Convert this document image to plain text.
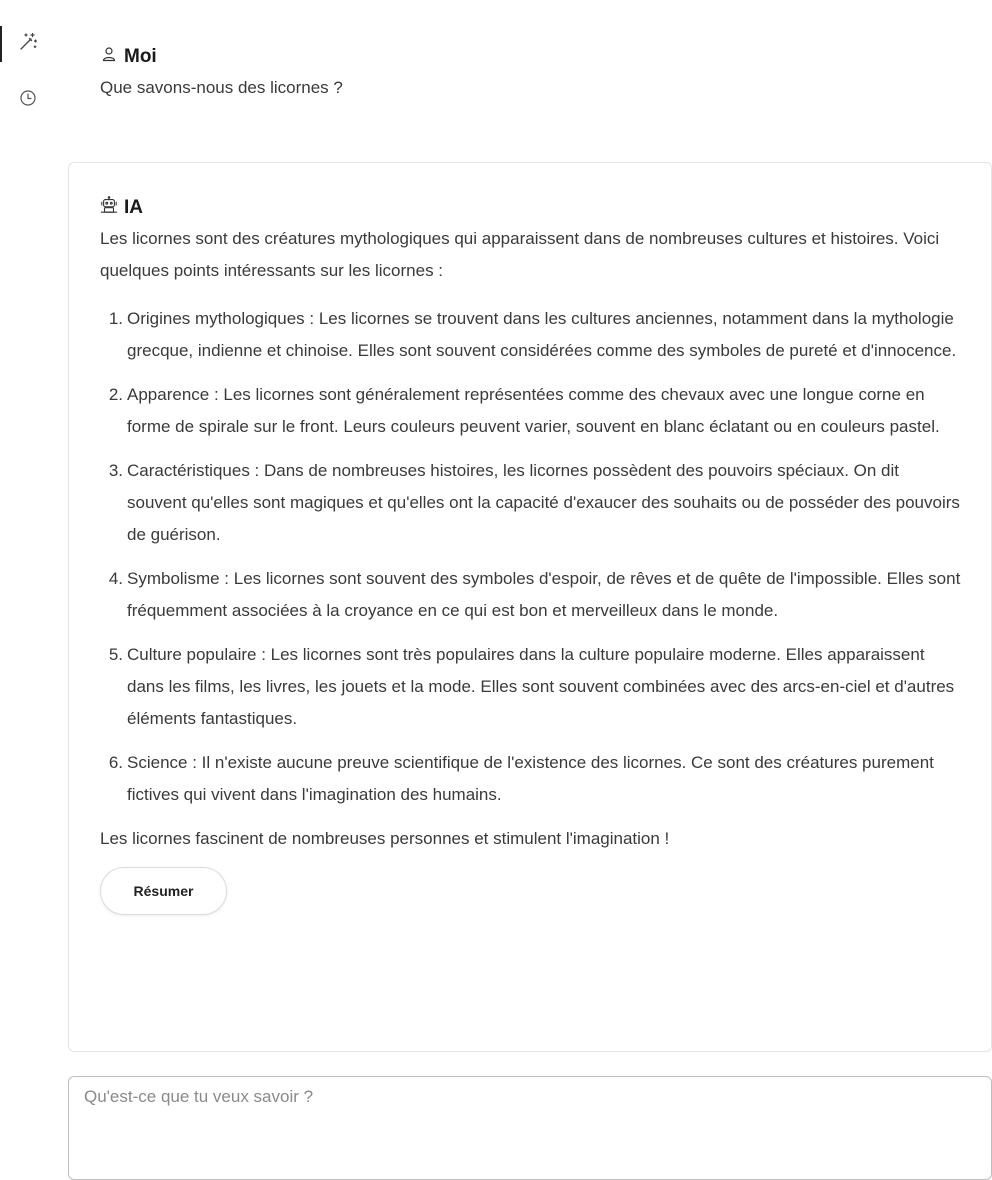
Moi

Que savons-nous des licornes ?

IA

Les licornes sont des créatures mythologiques qui apparaissent dans de nombreuses cultures et histoires. Voici quelques points intéressants sur les licornes :

1. Origines mythologiques : Les licornes se trouvent dans les cultures anciennes, notamment dans la mythologie grecque, indienne et chinoise. Elles sont souvent considérées comme des symboles de pureté et d'innocence.
2. Apparence : Les licornes sont généralement représentées comme des chevaux avec une longue corne en forme de spirale sur le front. Leurs couleurs peuvent varier, souvent en blanc éclatant ou en couleurs pastel.
3. Caractéristiques : Dans de nombreuses histoires, les licornes possèdent des pouvoirs spéciaux. On dit souvent qu'elles sont magiques et qu'elles ont la capacité d'exaucer des souhaits ou de posséder des pouvoirs de guérison.
4. Symbolisme : Les licornes sont souvent des symboles d'espoir, de rêves et de quête de l'impossible. Elles sont fréquemment associées à la croyance en ce qui est bon et merveilleux dans le monde.
5. Culture populaire : Les licornes sont très populaires dans la culture populaire moderne. Elles apparaissent dans les films, les livres, les jouets et la mode. Elles sont souvent combinées avec des arcs-en-ciel et d'autres éléments fantastiques.
6. Science : Il n'existe aucune preuve scientifique de l'existence des licornes. Ce sont des créatures purement fictives qui vivent dans l'imagination des humains.

Les licornes fascinent de nombreuses personnes et stimulent l'imagination !

Résumer
Qu'est-ce que tu veux savoir ?
